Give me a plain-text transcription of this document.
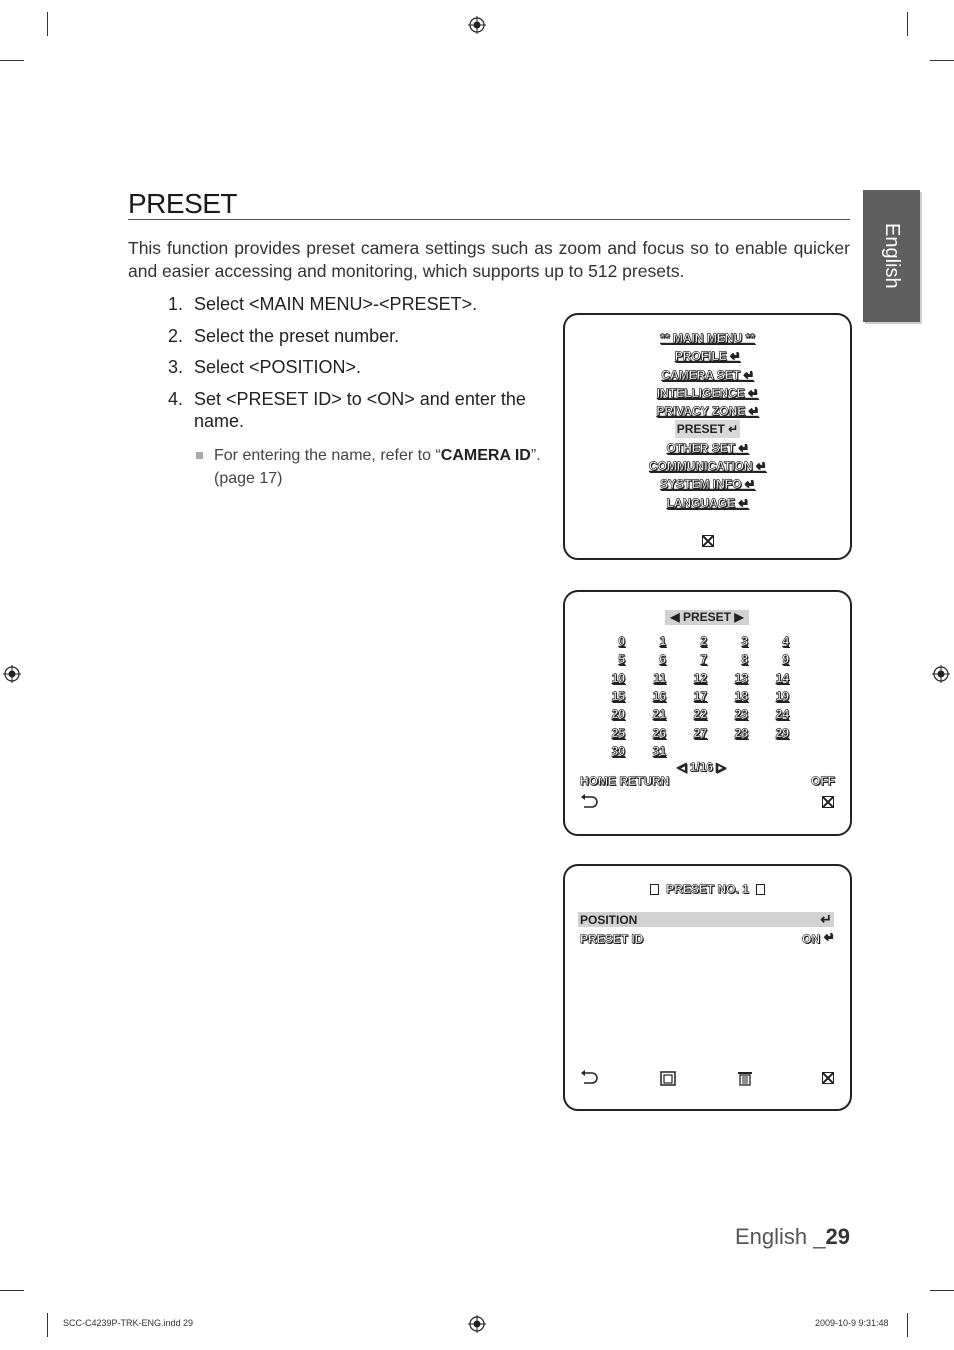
PRESET
This function provides preset camera settings such as zoom and focus so to enable quicker and easier accessing and monitoring, which supports up to 512 presets.
1. Select <MAIN MENU>-<PRESET>.
2. Select the preset number.
3. Select <POSITION>.
4. Set <PRESET ID> to <ON> and enter the name.
For entering the name, refer to “CAMERA ID”. (page 17)
English
** MAIN MENU **
PROFILE ↵
CAMERA SET ↵
INTELLIGENCE ↵
PRIVACY ZONE ↵
PRESET ↵
OTHER SET ↵
COMMUNICATION ↵
SYSTEM INFO ↵
LANGUAGE ↵
◀ PRESET ▶
0	1	2	3	4
5	6	7	8	9
10	11	12	13	14
15	16	17	18	19
20	21	22	23	24
25	26	27	28	29
30	31
◁ 1/16 ▷
HOME RETURN	OFF
PRESET NO. 1
POSITION	↵
PRESET ID	ON ↵
English _29
SCC-C4239P-TRK-ENG.indd 29	2009-10-9 9:31:48
